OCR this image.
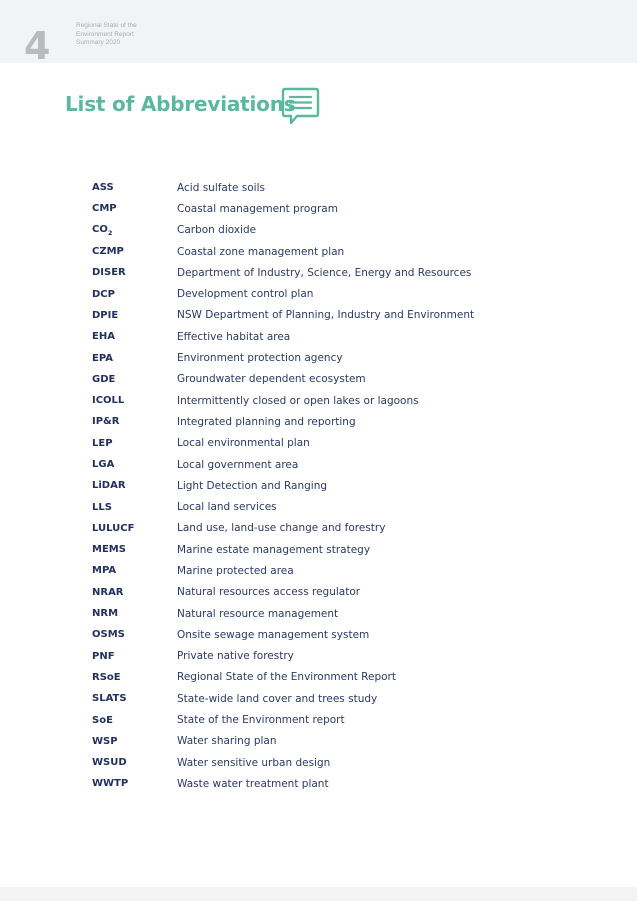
4	Regional State of the
Environment Report
Summary 2020
List of Abbreviations
ASS	Acid sulfate soils
CMP	Coastal management program
$CO_2$	Carbon dioxide
CZMP	Coastal zone management plan
DISER	Department of Industry, Science, Energy and Resources
DCP	Development control plan
DPIE	NSW Department of Planning, Industry and Environment
EHA	Effective habitat area
EPA	Environment protection agency
GDE	Groundwater dependent ecosystem
ICOLL	Intermittently closed or open lakes or lagoons
IP&R	Integrated planning and reporting
LEP	Local environmental plan
LGA	Local government area
LiDAR	Light Detection and Ranging
LLS	Local land services
LULUCF	Land use, land-use change and forestry
MEMS	Marine estate management strategy
MPA	Marine protected area
NRAR	Natural resources access regulator
NRM	Natural resource management
OSMS	Onsite sewage management system
PNF	Private native forestry
RSoE	Regional State of the Environment Report
SLATS	State-wide land cover and trees study
SoE	State of the Environment report
WSP	Water sharing plan
WSUD	Water sensitive urban design
WWTP	Waste water treatment plant
